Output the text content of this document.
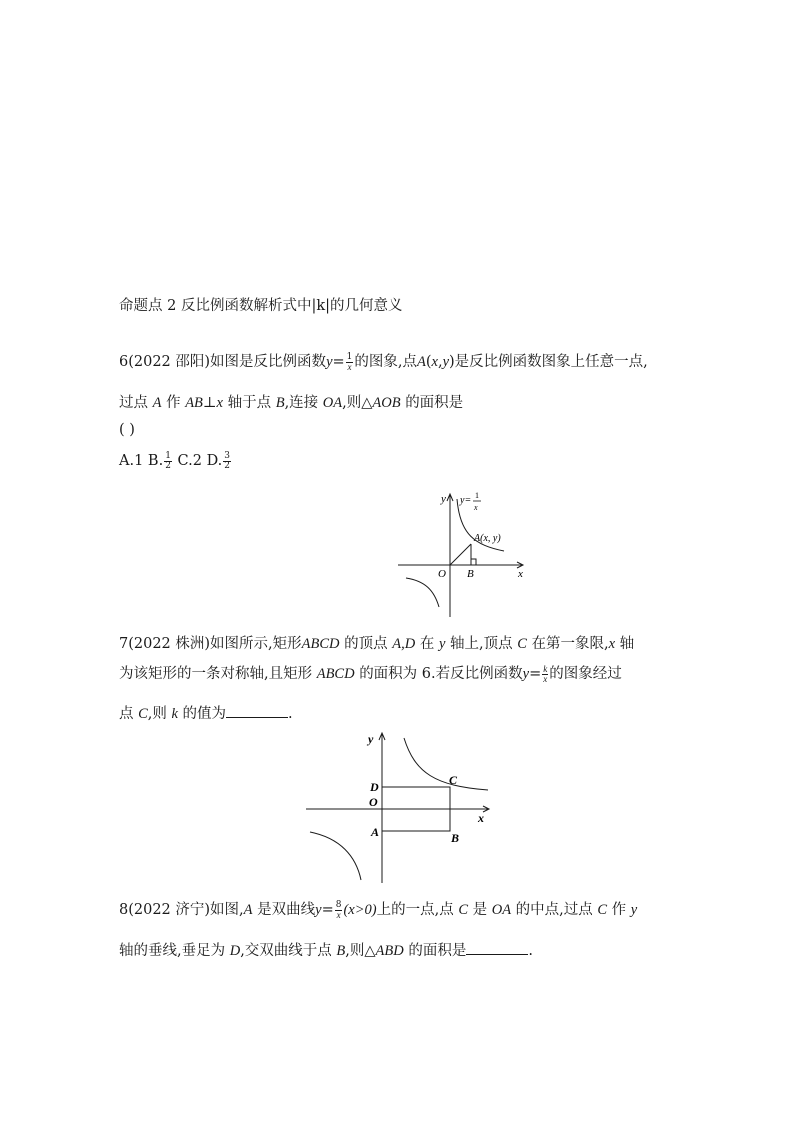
命题点 2 反比例函数解析式中|k|的几何意义
6(2022 邵阳)如图是反比例函数$y= \frac{1}{x}$ 的图象,点A(x,y)是反比例函数图象上任意一点,
过点 A 作 AB⊥x 轴于点 B,连接 OA,则△AOB 的面积是
( )
A.1 B. $\frac{1}{2} C.2$ D. $\frac{3}{2}$
y
x
O B
A(x, y)
y= 1
x
7(2022 株洲)如图所示,矩形ABCD 的顶点 A,D 在 y 轴上,顶点 C 在第一象限,x 轴
为该矩形的一条对称轴,且矩形 ABCD 的面积为 6.若反比例函数$y= \frac{k}{x}$ 的图象经过
点 C,则 k 的值为	.
y
x
O
D	C
A	B
8(2022 济宁)如图,A 是双曲线$y= \frac{8}{x} (x>0)$上的一点,点 C 是 OA 的中点,过点 C 作 y
轴的垂线,垂足为 D,交双曲线于点 B,则△ABD 的面积是	.
